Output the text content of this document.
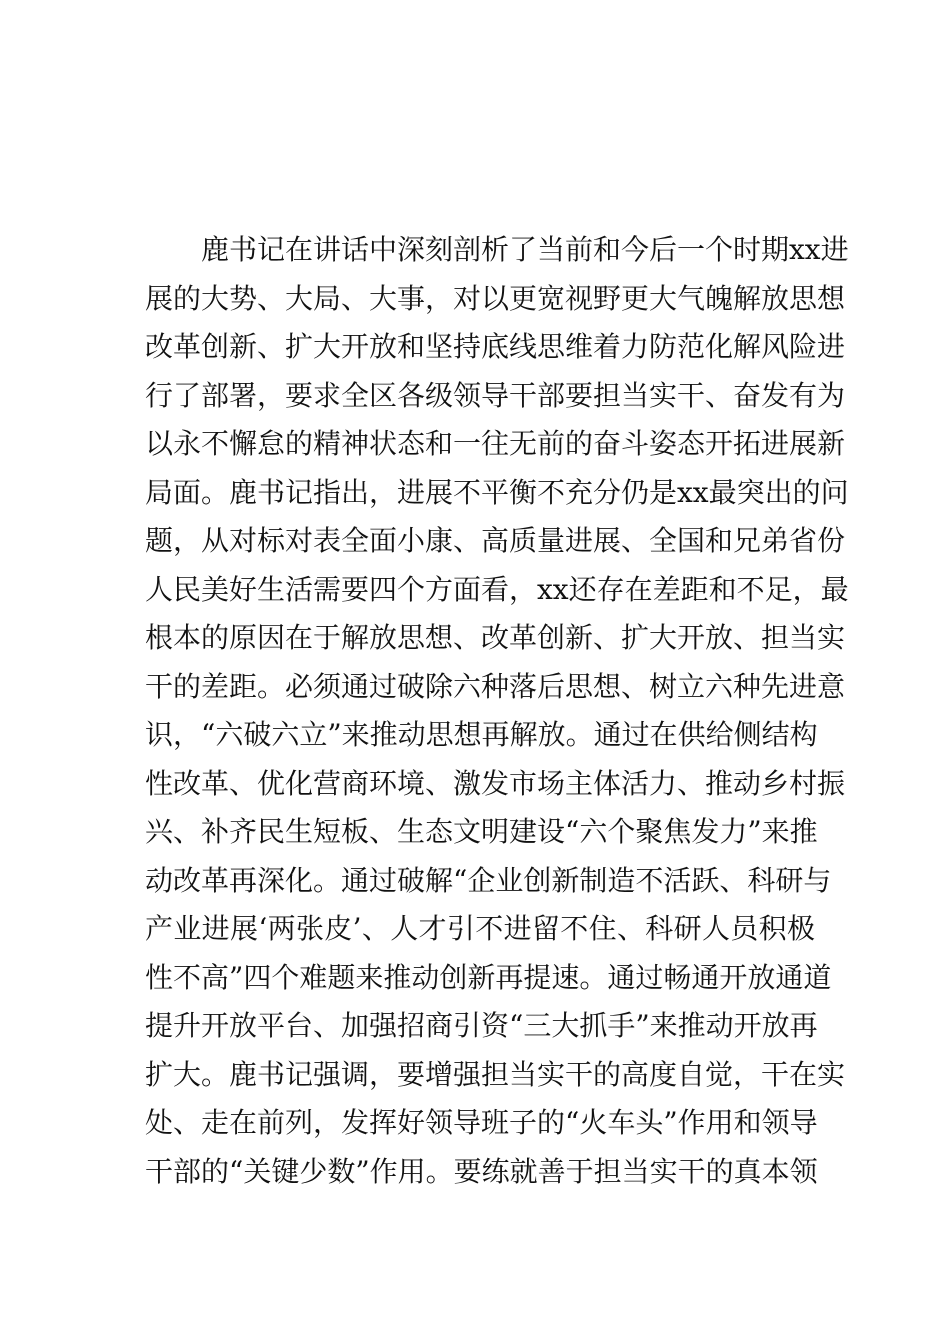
鹿书记在讲话中深刻剖析了当前和今后一个时期xx进
展的大势、大局、大事，对以更宽视野更大气魄解放思想
改革创新、扩大开放和坚持底线思维着力防范化解风险进
行了部署，要求全区各级领导干部要担当实干、奋发有为
以永不懈怠的精神状态和一往无前的奋斗姿态开拓进展新
局面。鹿书记指出，进展不平衡不充分仍是xx最突出的问
题，从对标对表全面小康、高质量进展、全国和兄弟省份
人民美好生活需要四个方面看，xx还存在差距和不足，最
根本的原因在于解放思想、改革创新、扩大开放、担当实
干的差距。必须通过破除六种落后思想、树立六种先进意
识，“六破六立”来推动思想再解放。通过在供给侧结构
性改革、优化营商环境、激发市场主体活力、推动乡村振
兴、补齐民生短板、生态文明建设“六个聚焦发力”来推
动改革再深化。通过破解“企业创新制造不活跃、科研与
产业进展‘两张皮’、人才引不进留不住、科研人员积极
性不高”四个难题来推动创新再提速。通过畅通开放通道
提升开放平台、加强招商引资“三大抓手”来推动开放再
扩大。鹿书记强调，要增强担当实干的高度自觉，干在实
处、走在前列，发挥好领导班子的“火车头”作用和领导
干部的“关键少数”作用。要练就善于担当实干的真本领
